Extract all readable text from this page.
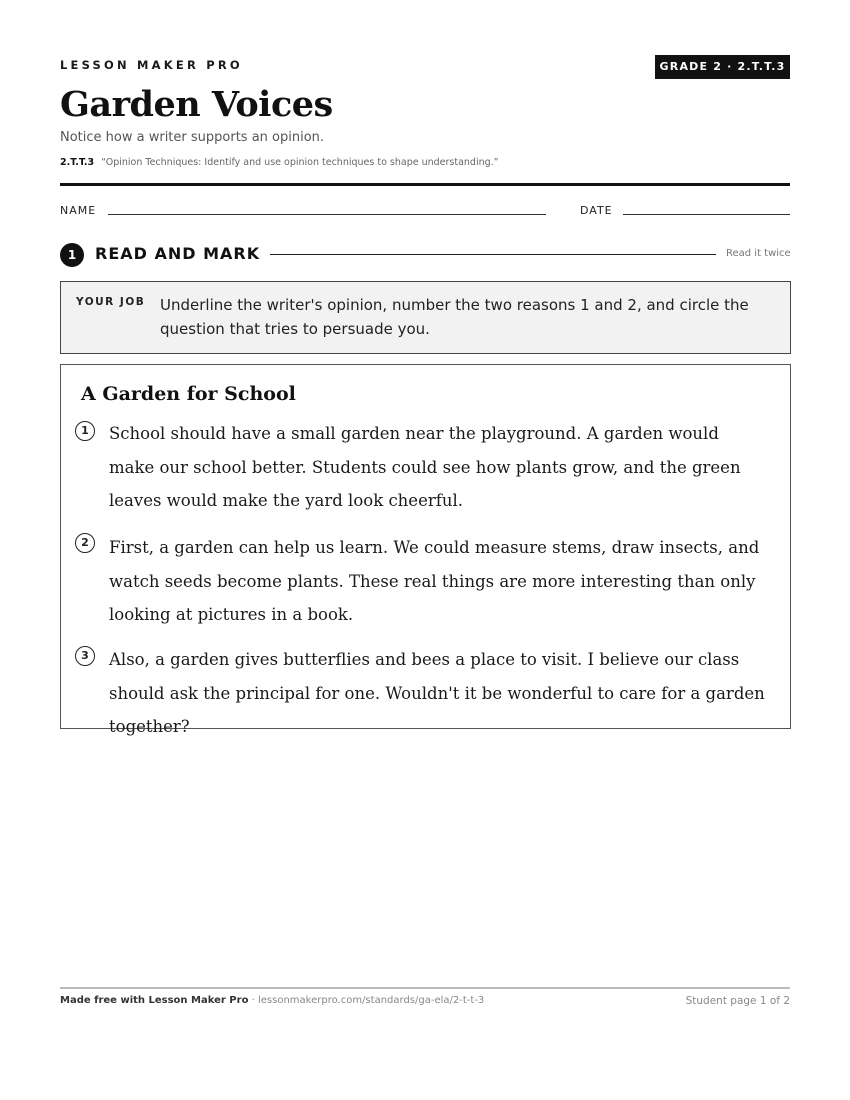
LESSON MAKER PRO	GRADE 2 · 2.T.T.3
Garden Voices
Notice how a writer supports an opinion.
2.T.T.3 “Opinion Techniques: Identify and use opinion techniques to shape understanding.”
NAME	DATE
1	READ AND MARK	Read it twice
YOUR JOB Underline the writer's opinion, number the two reasons 1 and 2, and circle the question that tries to persuade you.
A Garden for School
1	School should have a small garden near the playground. A garden would make our school better. Students could see how plants grow, and the green leaves would make the yard look cheerful.

2	First, a garden can help us learn. We could measure stems, draw insects, and watch seeds become plants. These real things are more interesting than only looking at pictures in a book.

3	Also, a garden gives butterflies and bees a place to visit. I believe our class should ask the principal for one. Wouldn't it be wonderful to care for a garden together?

Made free with Lesson Maker Pro · lessonmakerpro.com/standards/ga-ela/2-t-t-3	Student page 1 of 2
